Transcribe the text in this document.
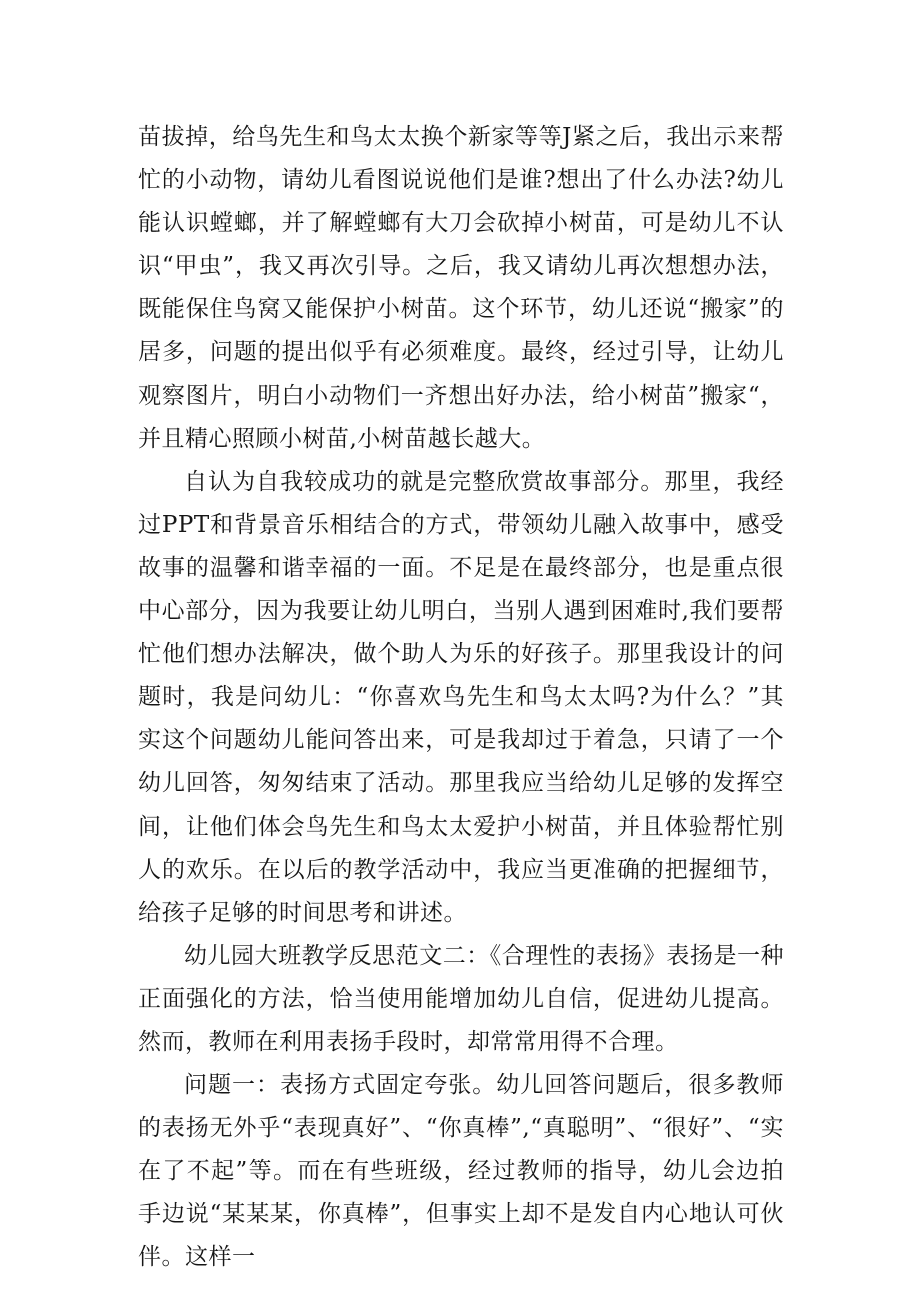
苗拔掉，给鸟先生和鸟太太换个新家等等J紧之后，我出示来帮忙的小动物，请幼儿看图说说他们是谁?想出了什么办法?幼儿能认识螳螂，并了解螳螂有大刀会砍掉小树苗，可是幼儿不认识“甲虫”，我又再次引导。之后，我又请幼儿再次想想办法，既能保住鸟窝又能保护小树苗。这个环节，幼儿还说“搬家”的居多，问题的提出似乎有必须难度。最终，经过引导，让幼儿观察图片，明白小动物们一齐想出好办法，给小树苗”搬家“，并且精心照顾小树苗,小树苗越长越大。

自认为自我较成功的就是完整欣赏故事部分。那里，我经过PPT和背景音乐相结合的方式，带领幼儿融入故事中，感受故事的温馨和谐幸福的一面。不足是在最终部分，也是重点很中心部分，因为我要让幼儿明白，当别人遇到困难时,我们要帮忙他们想办法解决，做个助人为乐的好孩子。那里我设计的问题时，我是问幼儿：“你喜欢鸟先生和鸟太太吗?为什么？”其实这个问题幼儿能问答出来，可是我却过于着急，只请了一个幼儿回答，匆匆结束了活动。那里我应当给幼儿足够的发挥空间，让他们体会鸟先生和鸟太太爱护小树苗，并且体验帮忙别人的欢乐。在以后的教学活动中，我应当更准确的把握细节，给孩子足够的时间思考和讲述。

幼儿园大班教学反思范文二：《合理性的表扬》表扬是一种正面强化的方法，恰当使用能增加幼儿自信，促进幼儿提高。然而，教师在利用表扬手段时，却常常用得不合理。

问题一：表扬方式固定夸张。幼儿回答问题后，很多教师的表扬无外乎“表现真好”、“你真棒”,“真聪明”、“很好”、“实在了不起”等。而在有些班级，经过教师的指导，幼儿会边拍手边说“某某某，你真棒”，但事实上却不是发自内心地认可伙伴。这样一
